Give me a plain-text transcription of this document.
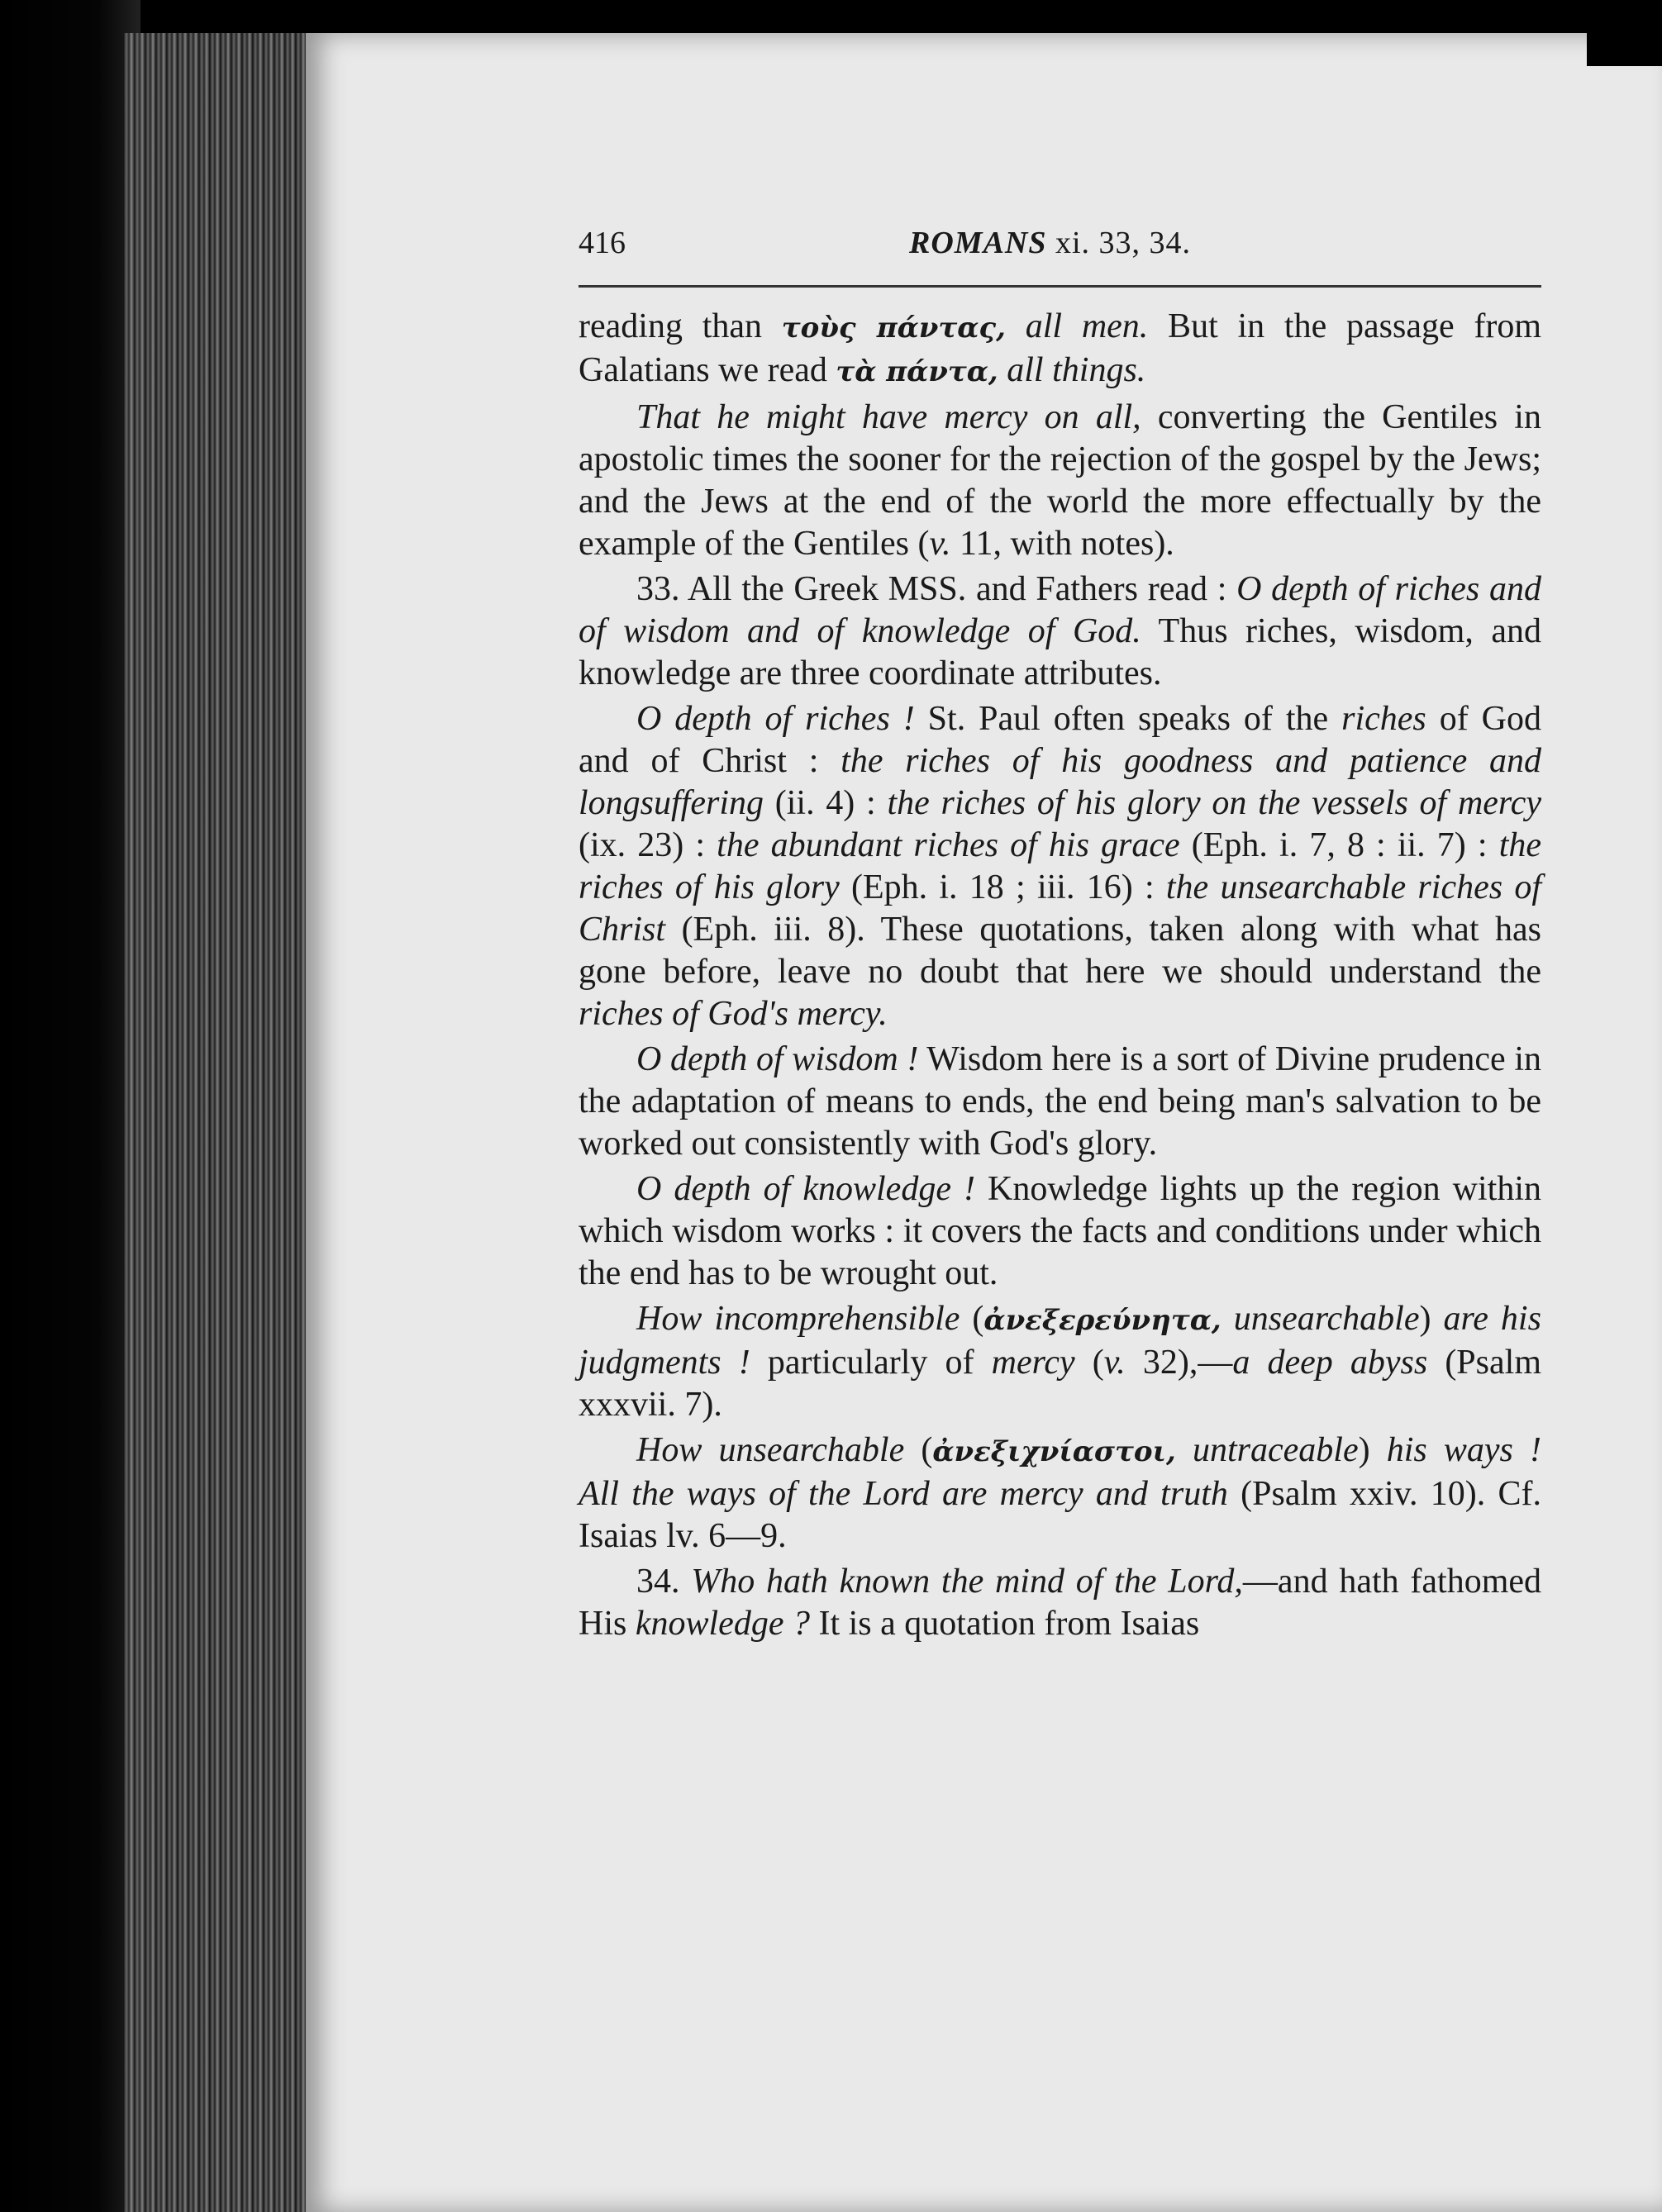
416	ROMANS xi. 33, 34.

reading than τοὺς πάντας, all men. But in the passage from Galatians we read τὰ πάντα, all things.

That he might have mercy on all, converting the Gentiles in apostolic times the sooner for the rejection of the gospel by the Jews; and the Jews at the end of the world the more effectually by the example of the Gentiles (v. 11, with notes).

33. All the Greek MSS. and Fathers read : O depth of riches and of wisdom and of knowledge of God. Thus riches, wisdom, and knowledge are three coordinate attributes.

O depth of riches ! St. Paul often speaks of the riches of God and of Christ : the riches of his goodness and patience and longsuffering (ii. 4) : the riches of his glory on the vessels of mercy (ix. 23) : the abundant riches of his grace (Eph. i. 7, 8 : ii. 7) : the riches of his glory (Eph. i. 18 ; iii. 16) : the unsearchable riches of Christ (Eph. iii. 8). These quotations, taken along with what has gone before, leave no doubt that here we should understand the riches of God's mercy.

O depth of wisdom ! Wisdom here is a sort of Divine prudence in the adaptation of means to ends, the end being man's salvation to be worked out consistently with God's glory.

O depth of knowledge ! Knowledge lights up the region within which wisdom works : it covers the facts and conditions under which the end has to be wrought out.

How incomprehensible (ἀνεξερεύνητα, unsearchable) are his judgments ! particularly of mercy (v. 32),—a deep abyss (Psalm xxxvii. 7).

How unsearchable (ἀνεξιχνίαστοι, untraceable) his ways ! All the ways of the Lord are mercy and truth (Psalm xxiv. 10). Cf. Isaias lv. 6—9.

34. Who hath known the mind of the Lord,—and hath fathomed His knowledge ? It is a quotation from Isaias
